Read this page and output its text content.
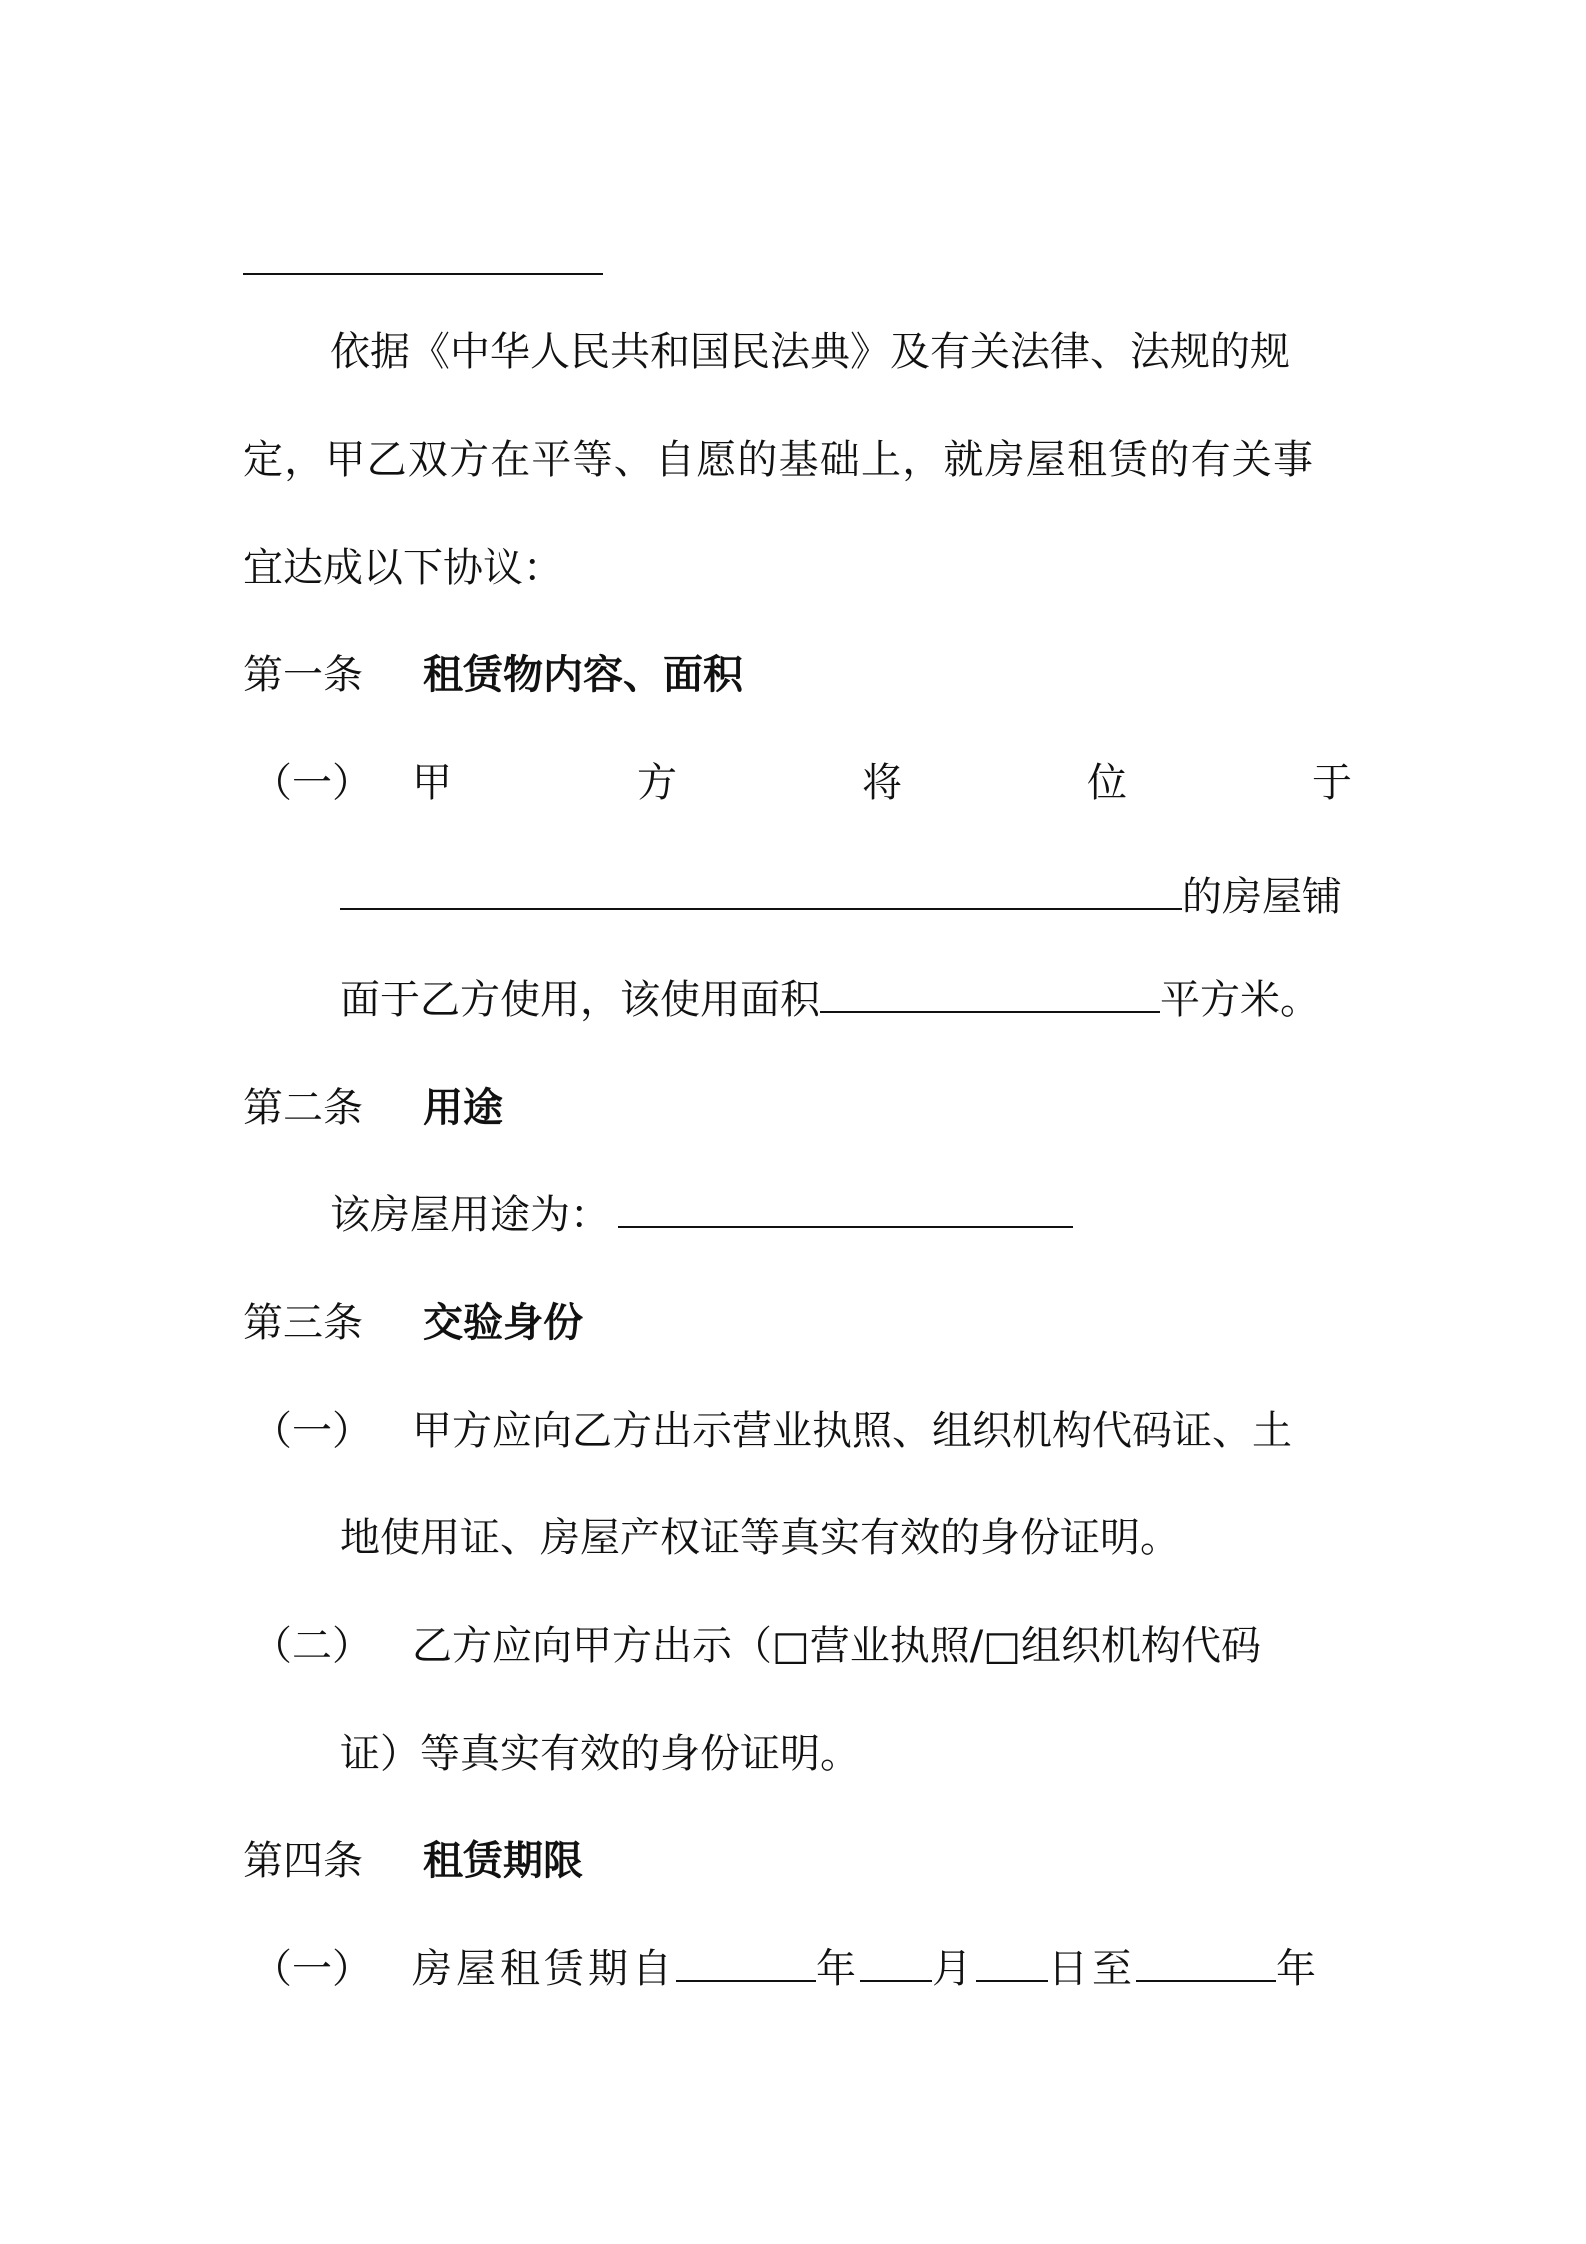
依据《中华人民共和国民法典》及有关法律、法规的规
定，甲乙双方在平等、自愿的基础上，就房屋租赁的有关事
宜达成以下协议：
第一条 租赁物内容、面积
（一） 甲	方	将	位	于
的房屋铺
面于乙方使用，该使用面积	平方米。
第二条 用途
该房屋用途为：
第三条 交验身份
（一） 甲方应向乙方出示营业执照、组织机构代码证、土
地使用证、房屋产权证等真实有效的身份证明。
（二） 乙方应向甲方出示（□营业执照/□组织机构代码
证）等真实有效的身份证明。
第四条 租赁期限
（一） 房屋租赁期自	年 月 日至	年
